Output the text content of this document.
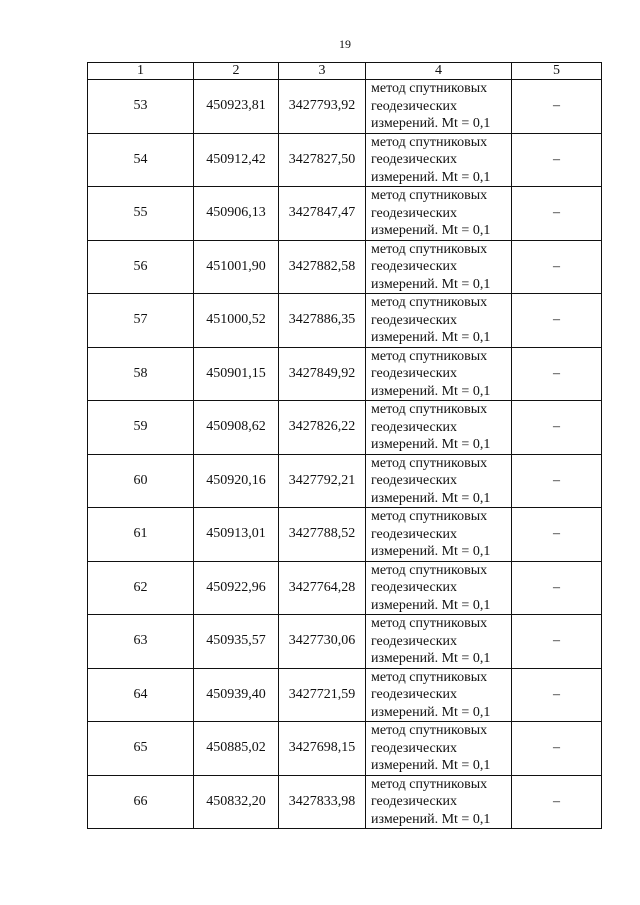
19
1	2	3	4	5
53	450923,81	3427793,92	метод спутниковых
геодезических
измерений. Mt = 0,1	–
54	450912,42	3427827,50	метод спутниковых
геодезических
измерений. Mt = 0,1	–
55	450906,13	3427847,47	метод спутниковых
геодезических
измерений. Mt = 0,1	–
56	451001,90	3427882,58	метод спутниковых
геодезических
измерений. Mt = 0,1	–
57	451000,52	3427886,35	метод спутниковых
геодезических
измерений. Mt = 0,1	–
58	450901,15	3427849,92	метод спутниковых
геодезических
измерений. Mt = 0,1	–
59	450908,62	3427826,22	метод спутниковых
геодезических
измерений. Mt = 0,1	–
60	450920,16	3427792,21	метод спутниковых
геодезических
измерений. Mt = 0,1	–
61	450913,01	3427788,52	метод спутниковых
геодезических
измерений. Mt = 0,1	–
62	450922,96	3427764,28	метод спутниковых
геодезических
измерений. Mt = 0,1	–
63	450935,57	3427730,06	метод спутниковых
геодезических
измерений. Mt = 0,1	–
64	450939,40	3427721,59	метод спутниковых
геодезических
измерений. Mt = 0,1	–
65	450885,02	3427698,15	метод спутниковых
геодезических
измерений. Mt = 0,1	–
66	450832,20	3427833,98	метод спутниковых
геодезических
измерений. Mt = 0,1	–
